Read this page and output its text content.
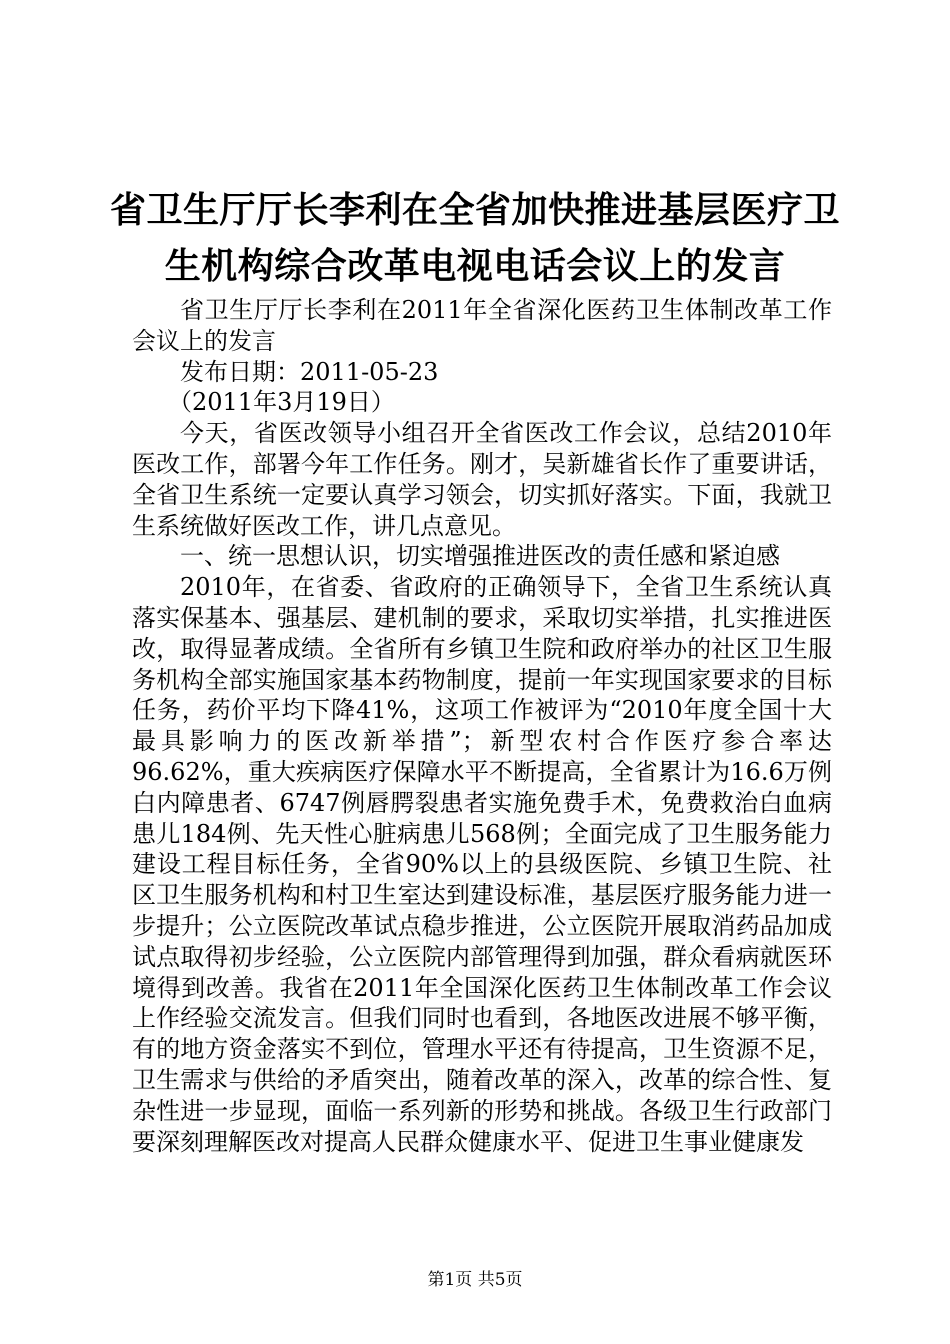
省卫生厅厅长李利在全省加快推进基层医疗卫
生机构综合改革电视电话会议上的发言

省卫生厅厅长李利在2011年全省深化医药卫生体制改革工作会议上的发言

发布日期：2011-05-23

（2011年3月19日）

今天，省医改领导小组召开全省医改工作会议，总结2010年医改工作，部署今年工作任务。刚才，吴新雄省长作了重要讲话，全省卫生系统一定要认真学习领会，切实抓好落实。下面，我就卫生系统做好医改工作，讲几点意见。

一、统一思想认识，切实增强推进医改的责任感和紧迫感

2010年，在省委、省政府的正确领导下，全省卫生系统认真落实保基本、强基层、建机制的要求，采取切实举措，扎实推进医改，取得显著成绩。全省所有乡镇卫生院和政府举办的社区卫生服务机构全部实施国家基本药物制度，提前一年实现国家要求的目标任务，药价平均下降41%，这项工作被评为“2010年度全国十大最具影响力的医改新举措”；新型农村合作医疗参合率达96.62%，重大疾病医疗保障水平不断提高，全省累计为16.6万例白内障患者、6747例唇腭裂患者实施免费手术，免费救治白血病患儿184例、先天性心脏病患儿568例；全面完成了卫生服务能力建设工程目标任务，全省90%以上的县级医院、乡镇卫生院、社区卫生服务机构和村卫生室达到建设标准，基层医疗服务能力进一步提升；公立医院改革试点稳步推进，公立医院开展取消药品加成试点取得初步经验，公立医院内部管理得到加强，群众看病就医环境得到改善。我省在2011年全国深化医药卫生体制改革工作会议上作经验交流发言。但我们同时也看到，各地医改进展不够平衡，有的地方资金落实不到位，管理水平还有待提高，卫生资源不足，卫生需求与供给的矛盾突出，随着改革的深入，改革的综合性、复杂性进一步显现，面临一系列新的形势和挑战。各级卫生行政部门要深刻理解医改对提高人民群众健康水平、促进卫生事业健康发

第1页 共5页
